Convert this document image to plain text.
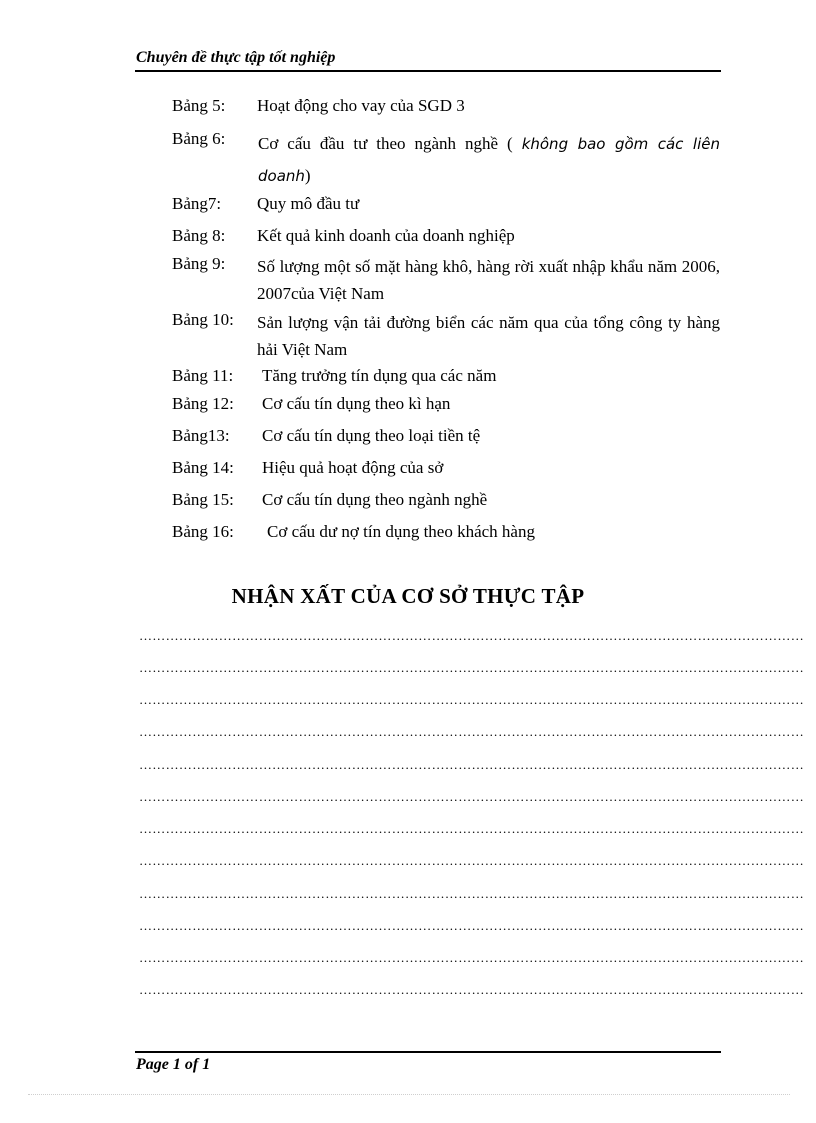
Chuyên đề thực tập tốt nghiệp
Bảng 5: Hoạt động cho vay của SGD 3
Bảng 6: Cơ cấu đầu tư theo ngành nghề ( không bao gồm các liên doanh)
Bảng7: Quy mô đầu tư
Bảng 8: Kết quả kinh doanh của doanh nghiệp
Bảng 9: Số lượng một số mặt hàng khô, hàng rời xuất nhập khẩu năm 2006, 2007của Việt Nam
Bảng 10: Sản lượng vận tải đường biển các năm qua của tổng công ty hàng hải Việt Nam
Bảng 11: Tăng trưởng tín dụng qua các năm
Bảng 12: Cơ cấu tín dụng theo kì hạn
Bảng13: Cơ cấu tín dụng theo loại tiền tệ
Bảng 14: Hiệu quả hoạt động của sở
Bảng 15: Cơ cấu tín dụng theo ngành nghề
Bảng 16: Cơ cấu dư nợ tín dụng theo khách hàng
NHẬN XẤT CỦA CƠ SỞ THỰC TẬP
……………………………………………………………………………………………………………………………………
……………………………………………………………………………………………………………………………………
……………………………………………………………………………………………………………………………………
……………………………………………………………………………………………………………………………………
……………………………………………………………………………………………………………………………………
……………………………………………………………………………………………………………………………………
……………………………………………………………………………………………………………………………………
……………………………………………………………………………………………………………………………………
……………………………………………………………………………………………………………………………………
……………………………………………………………………………………………………………………………………
……………………………………………………………………………………………………………………………………
……………………………………………………………………………………………………………………………………
Page 1 of 1
